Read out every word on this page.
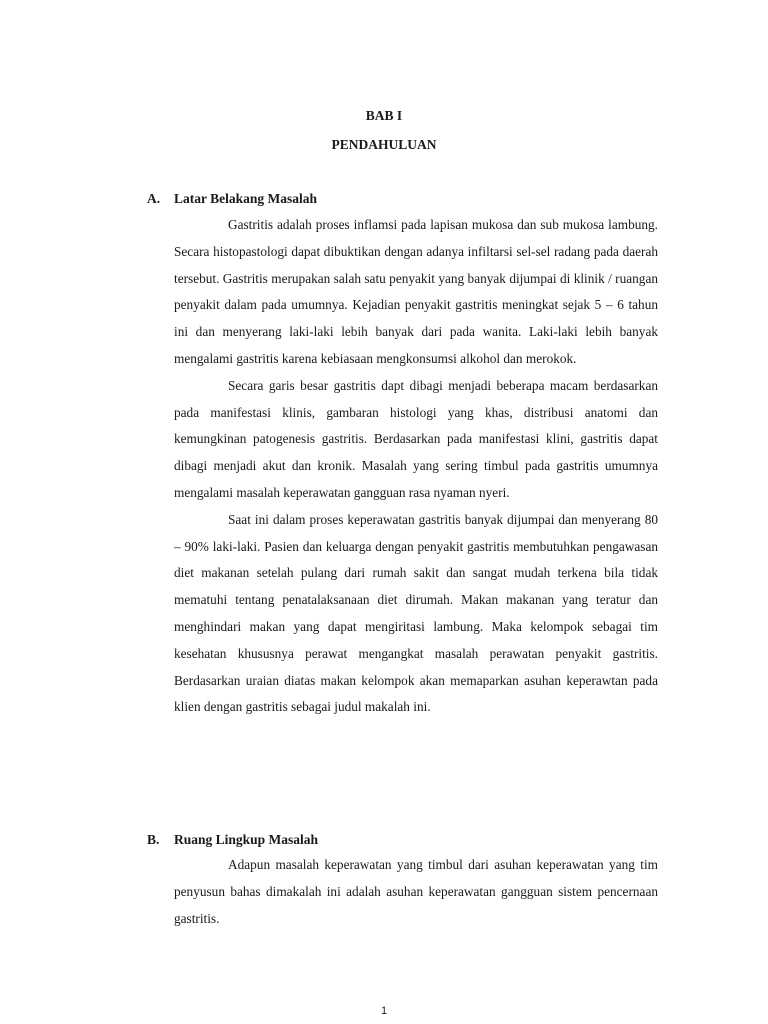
BAB I
PENDAHULUAN
A. Latar Belakang Masalah

Gastritis adalah proses inflamsi pada lapisan mukosa dan sub mukosa lambung. Secara histopastologi dapat dibuktikan dengan adanya infiltarsi sel-sel radang pada daerah tersebut. Gastritis merupakan salah satu penyakit yang banyak dijumpai di klinik / ruangan penyakit dalam pada umumnya. Kejadian penyakit gastritis meningkat sejak 5 – 6 tahun ini dan menyerang laki-laki lebih banyak dari pada wanita. Laki-laki lebih banyak mengalami gastritis karena kebiasaan mengkonsumsi alkohol dan merokok.

Secara garis besar gastritis dapt dibagi menjadi beberapa macam berdasarkan pada manifestasi klinis, gambaran histologi yang khas, distribusi anatomi dan kemungkinan patogenesis gastritis. Berdasarkan pada manifestasi klini, gastritis dapat dibagi menjadi akut dan kronik. Masalah yang sering timbul pada gastritis umumnya mengalami masalah keperawatan gangguan rasa nyaman nyeri.

Saat ini dalam proses keperawatan gastritis banyak dijumpai dan menyerang 80 – 90% laki-laki. Pasien dan keluarga dengan penyakit gastritis membutuhkan pengawasan diet makanan setelah pulang dari rumah sakit dan sangat mudah terkena bila tidak mematuhi tentang penatalaksanaan diet dirumah. Makan makanan yang teratur dan menghindari makan yang dapat mengiritasi lambung. Maka kelompok sebagai tim kesehatan khususnya perawat mengangkat masalah perawatan penyakit gastritis. Berdasarkan uraian diatas makan kelompok akan memaparkan asuhan keperawtan pada klien dengan gastritis sebagai judul makalah ini.

B. Ruang Lingkup Masalah

Adapun masalah keperawatan yang timbul dari asuhan keperawatan yang tim penyusun bahas dimakalah ini adalah asuhan keperawatan gangguan sistem pencernaan gastritis.

1
